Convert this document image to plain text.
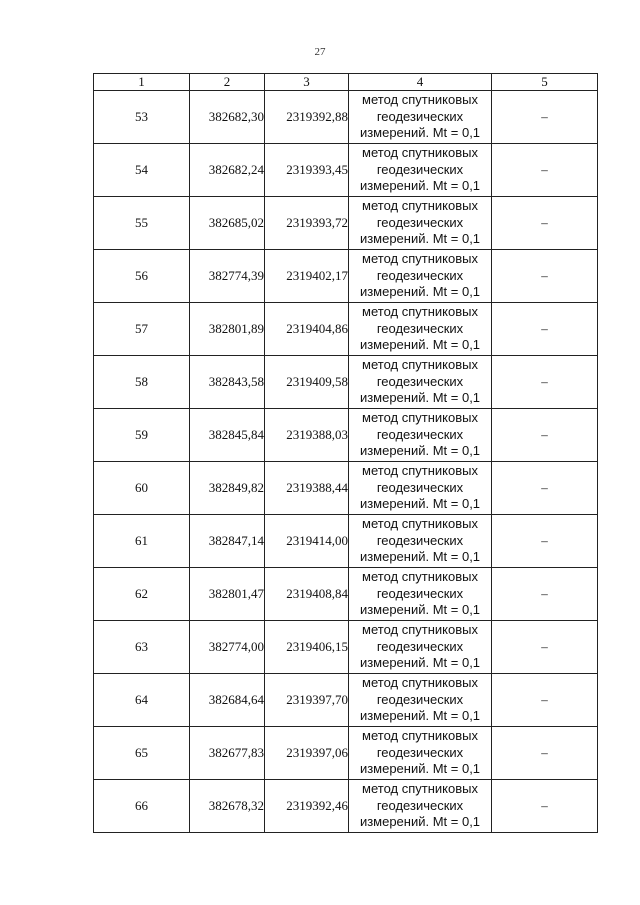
27
1	2	3	4	5
53	382682,30	2319392,88	метод спутниковых
геодезических
измерений. Mt = 0,1	–
54	382682,24	2319393,45	метод спутниковых
геодезических
измерений. Mt = 0,1	–
55	382685,02	2319393,72	метод спутниковых
геодезических
измерений. Mt = 0,1	–
56	382774,39	2319402,17	метод спутниковых
геодезических
измерений. Mt = 0,1	–
57	382801,89	2319404,86	метод спутниковых
геодезических
измерений. Mt = 0,1	–
58	382843,58	2319409,58	метод спутниковых
геодезических
измерений. Mt = 0,1	–
59	382845,84	2319388,03	метод спутниковых
геодезических
измерений. Mt = 0,1	–
60	382849,82	2319388,44	метод спутниковых
геодезических
измерений. Mt = 0,1	–
61	382847,14	2319414,00	метод спутниковых
геодезических
измерений. Mt = 0,1	–
62	382801,47	2319408,84	метод спутниковых
геодезических
измерений. Mt = 0,1	–
63	382774,00	2319406,15	метод спутниковых
геодезических
измерений. Mt = 0,1	–
64	382684,64	2319397,70	метод спутниковых
геодезических
измерений. Mt = 0,1	–
65	382677,83	2319397,06	метод спутниковых
геодезических
измерений. Mt = 0,1	–
66	382678,32	2319392,46	метод спутниковых
геодезических
измерений. Mt = 0,1	–
